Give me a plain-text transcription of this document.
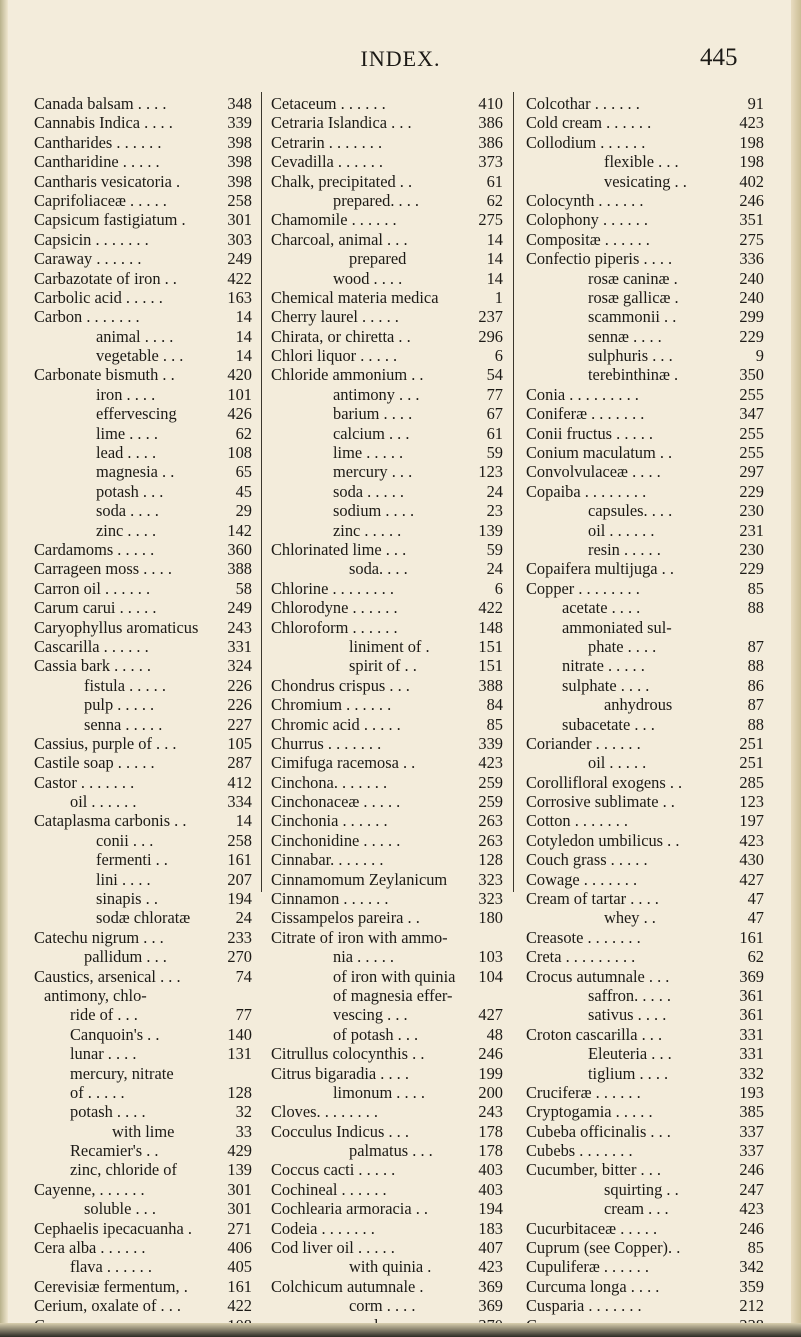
INDEX.	445
Canada balsam . . . .	348
Cannabis Indica . . . .	339
Cantharides . . . . . .	398
Cantharidine . . . . .	398
Cantharis vesicatoria .	398
Caprifoliaceæ . . . . .	258
Capsicum fastigiatum .	301
Capsicin . . . . . . .	303
Caraway . . . . . .	249
Carbazotate of iron . .	422
Carbolic acid . . . . .	163
Carbon . . . . . . .	14
animal . . . .	14
vegetable . . .	14
Carbonate bismuth . .	420
iron . . . .	101
effervescing	426
lime . . . .	62
lead . . . .	108
magnesia . .	65
potash . . .	45
soda . . . .	29
zinc . . . .	142
Cardamoms . . . . .	360
Carrageen moss . . . .	388
Carron oil . . . . . .	58
Carum carui . . . . .	249
Caryophyllus aromaticus	243
Cascarilla . . . . . .	331
Cassia bark . . . . .	324
fistula . . . . .	226
pulp . . . . .	226
senna . . . . .	227
Cassius, purple of . . .	105
Castile soap . . . . .	287
Castor . . . . . . .	412
oil . . . . . .	334
Cataplasma carbonis . .	14
conii . . .	258
fermenti . .	161
lini . . . .	207
sinapis . .	194
sodæ chloratæ	24
Catechu nigrum . . .	233
pallidum . . .	270
Caustics, arsenical . . .	74
antimony, chlo-
ride of . . .	77
Canquoin's . .	140
lunar . . . .	131
mercury, nitrate
of . . . . .	128
potash . . . .	32
with lime	33
Recamier's . .	429
zinc, chloride of	139
Cayenne, . . . . . .	301
soluble . . .	301
Cephaelis ipecacuanha .	271
Cera alba . . . . . .	406
flava . . . . . .	405
Cerevisiæ fermentum, .	161
Cerium, oxalate of . . .	422
Cetaceum . . . . . .	410
Cetraria Islandica . . .	386
Cetrarin . . . . . . .	386
Cevadilla . . . . . .	373
Chalk, precipitated . .	61
prepared. . . .	62
Chamomile . . . . . .	275
Charcoal, animal . . .	14
prepared	14
wood . . . .	14
Chemical materia medica	1
Cherry laurel . . . . .	237
Chirata, or chiretta . .	296
Chlori liquor . . . . .	6
Chloride ammonium . .	54
antimony . . .	77
barium . . . .	67
calcium . . .	61
lime . . . . .	59
mercury . . .	123
soda . . . . .	24
sodium . . . .	23
zinc . . . . .	139
Chlorinated lime . . .	59
soda. . . .	24
Chlorine . . . . . . . .	6
Chlorodyne . . . . . .	422
Chloroform . . . . . .	148
liniment of .	151
spirit of . .	151
Chondrus crispus . . .	388
Chromium . . . . . .	84
Chromic acid . . . . .	85
Churrus . . . . . . .	339
Cimifuga racemosa . .	423
Cinchona. . . . . . .	259
Cinchonaceæ . . . . .	259
Cinchonia . . . . . .	263
Cinchonidine . . . . .	263
Cinnabar. . . . . . .	128
Cinnamomum Zeylanicum	323
Cinnamon . . . . . .	323
Cissampelos pareira . .	180
Citrate of iron with ammo-
nia . . . . .	103
of iron with quinia	104
of magnesia effer-
vescing . . .	427
of potash . . .	48
Citrullus colocynthis . .	246
Citrus bigaradia . . . .	199
limonum . . . .	200
Cloves. . . . . . . .	243
Cocculus Indicus . . .	178
palmatus . . .	178
Coccus cacti . . . . .	403
Cochineal . . . . . .	403
Cochlearia armoracia . .	194
Codeia . . . . . . .	183
Cod liver oil . . . . .	407
with quinia .	423
Colchicum autumnale .	369
corm . . . .	369
Colcothar . . . . . .	91
Cold cream . . . . . .	423
Collodium . . . . . .	198
flexible . . .	198
vesicating . .	402
Colocynth . . . . . .	246
Colophony . . . . . .	351
Compositæ . . . . . .	275
Confectio piperis . . . .	336
rosæ caninæ .	240
rosæ gallicæ .	240
scammonii . .	299
sennæ . . . .	229
sulphuris . . .	9
terebinthinæ .	350
Conia . . . . . . . . .	255
Coniferæ . . . . . . .	347
Conii fructus . . . . .	255
Conium maculatum . .	255
Convolvulaceæ . . . .	297
Copaiba . . . . . . . .	229
capsules. . . .	230
oil . . . . . .	231
resin . . . . .	230
Copaifera multijuga . .	229
Copper . . . . . . . .	85
acetate . . . .	88
ammoniated sul-
phate . . . .	87
nitrate . . . . .	88
sulphate . . . .	86
anhydrous	87
subacetate . . .	88
Coriander . . . . . .	251
oil . . . . .	251
Corollifloral exogens . .	285
Corrosive sublimate . .	123
Cotton . . . . . . .	197
Cotyledon umbilicus . .	423
Couch grass . . . . .	430
Cowage . . . . . . .	427
Cream of tartar . . . .	47
whey . .	47
Creasote . . . . . . .	161
Creta . . . . . . . . .	62
Crocus autumnale . . .	369
saffron. . . . .	361
sativus . . . .	361
Croton cascarilla . . .	331
Eleuteria . . .	331
tiglium . . . .	332
Cruciferæ . . . . . .	193
Cryptogamia . . . . .	385
Cubeba officinalis . . .	337
Cubebs . . . . . . .	337
Cucumber, bitter . . .	246
squirting . .	247
cream . . .	423
Cucurbitaceæ . . . . .	246
Cuprum (see Copper). .	85
Cupuliferæ . . . . . .	342
Curcuma longa . . . .	359
Cusparia . . . . . . .	212
